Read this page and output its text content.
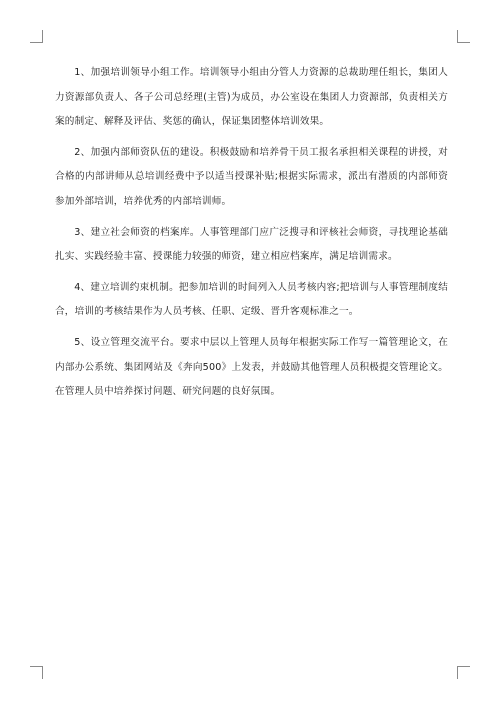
1、加强培训领导小组工作。培训领导小组由分管人力资源的总裁助理任组长，集团人力资源部负责人、各子公司总经理(主管)为成员，办公室设在集团人力资源部，负责相关方案的制定、解释及评估、奖惩的确认，保证集团整体培训效果。

2、加强内部师资队伍的建设。积极鼓励和培养骨干员工报名承担相关课程的讲授，对合格的内部讲师从总培训经费中予以适当授课补贴;根据实际需求，派出有潜质的内部师资参加外部培训，培养优秀的内部培训师。

3、建立社会师资的档案库。人事管理部门应广泛搜寻和评核社会师资，寻找理论基础扎实、实践经验丰富、授课能力较强的师资，建立相应档案库，满足培训需求。

4、建立培训约束机制。把参加培训的时间列入人员考核内容;把培训与人事管理制度结合，培训的考核结果作为人员考核、任职、定级、晋升客观标准之一。

5、设立管理交流平台。要求中层以上管理人员每年根据实际工作写一篇管理论文，在内部办公系统、集团网站及《奔向500》上发表，并鼓励其他管理人员积极提交管理论文。在管理人员中培养探讨问题、研究问题的良好氛围。
